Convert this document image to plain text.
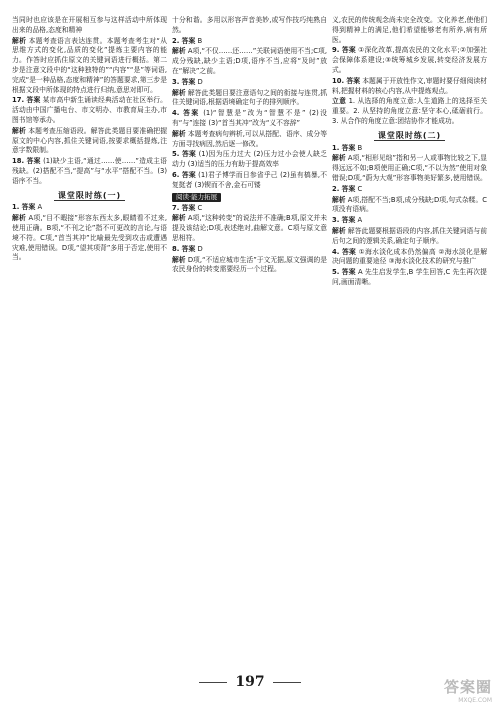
当同时也应该是在开展相互参与这样活动中所体现出来的品格,态度和精神

解析 本题考查语言表达连贯。本题考查考生对“从思维方式的变化,品质的变化”提炼主要内容的能力。作答时应抓住原文的关键词语进行概括。第二步是注意文段中的“这种独特的”“内容”“是”等词语,完成“是一种品格,态度和精神”的答题要求,第三步是根据文段中所体现的特点进行归纳,意思对即可。

17. 答案 某市高中新生诵读经典活动在社区举行。活动由中国广播电台、市文明办、市教育局主办,市图书馆等承办。

解析 本题考查压缩语段。解答此类题目要准确把握原文的中心内容,抓住关键词语,按要求概括提炼,注意字数限制。

18. 答案 (1)缺少主语,“通过……使……”造成主语残缺。(2)搭配不当,“提高”与“水平”搭配不当。(3)语序不当。

课堂限时练(一)

1. 答案 A

解析 A项,“目不暇接”形容东西太多,眼睛看不过来,使用正确。B项,“不刊之论”指不可更改的言论,与语境不符。C项,“首当其冲”比喻最先受到攻击或遭遇灾难,使用错误。D项,“望其项背”多用于否定,使用不当。

十分和谐。多用以形容声音美妙,或写作技巧纯熟自然。

2. 答案 B

解析 A项,“不仅……还……”关联词语使用不当;C项,成分残缺,缺少主语;D项,语序不当,应将“及时”放在“解决”之前。

3. 答案 D

解析 解答此类题目要注意语句之间的衔接与连贯,抓住关键词语,根据语境确定句子的排列顺序。

4. 答案 (1)“智慧是”改为“智慧不是” (2)没有“与”连接 (3)“首当其冲”改为“义不容辞”

解析 本题考查病句辨析,可以从搭配、语序、成分等方面寻找病因,然后逐一修改。

5. 答案 (1)因为压力过大 (2)压力过小会使人缺乏动力 (3)适当的压力有助于提高效率

6. 答案 (1)君子博学而日参省乎己 (2)虽有槁暴,不复挺者 (3)锲而不舍,金石可镂

阅读·能力拓展

7. 答案 C

解析 A项,“这种转变”的说法并不准确;B项,原文并未提及该结论;D项,表述绝对,曲解文意。C项与原文意思相符。

8. 答案 D

解析 D项,“不适应城市生活”于文无据,原文强调的是农民身份的转变需要经历一个过程。

义,农民的传统观念尚未完全改变。文化养老,使他们得到精神上的满足,他们希望能够老有所养,病有所医。

9. 答案 ①深化改革,提高农民的文化水平;②加强社会保障体系建设;③统筹城乡发展,转变经济发展方式。

10. 答案 本题属于开放性作文,审题时要仔细阅读材料,把握材料的核心内容,从中提炼观点。

立意 1. 从选择的角度立意:人生道路上的选择至关重要。2. 从坚持的角度立意:坚守本心,砥砺前行。3. 从合作的角度立意:团结协作才能成功。

课堂限时练(二)

1. 答案 B

解析 A项,“相形见绌”指和另一人或事物比较之下,显得远远不如;B项使用正确;C项,“不以为然”使用对象错误;D项,“蔚为大观”形容事物美好繁多,使用错误。

2. 答案 C

解析 A项,搭配不当;B项,成分残缺;D项,句式杂糅。C项没有语病。

3. 答案 A

解析 解答此题要根据语段的内容,抓住关键词语与前后句之间的逻辑关系,确定句子顺序。

4. 答案 ①海水淡化成本仍然偏高 ②海水淡化是解决问题的重要途径 ③海水淡化技术的研究与推广

5. 答案 A 先生启发学生,B 学生回答,C 先生再次提问,画面清晰。

197	答案圈
MXQE.COM
